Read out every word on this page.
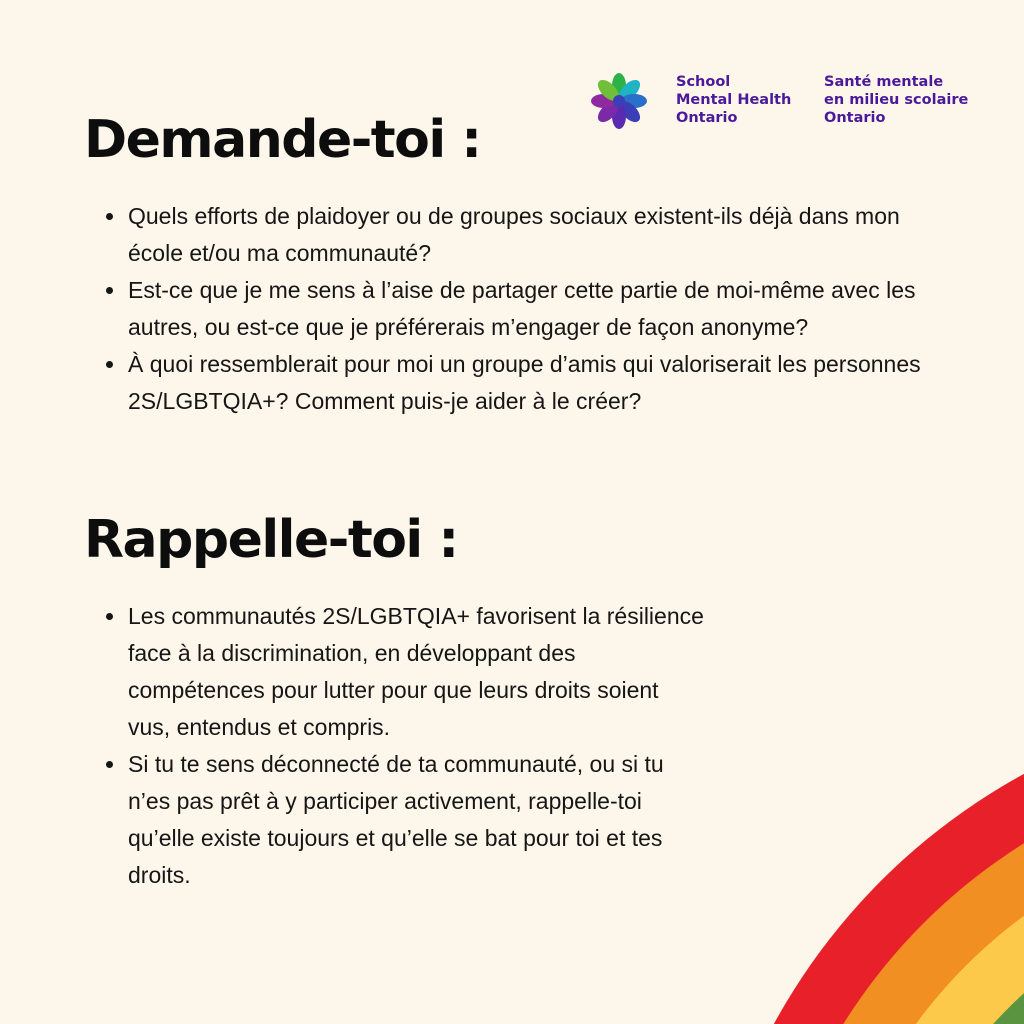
School
Mental Health
Ontario

Santé mentale
en milieu scolaire
Ontario

Demande-toi :
Quels efforts de plaidoyer ou de groupes sociaux existent-ils déjà dans mon école et/ou ma communauté?
Est-ce que je me sens à l’aise de partager cette partie de moi-même avec les autres, ou est-ce que je préférerais m’engager de façon anonyme?
À quoi ressemblerait pour moi un groupe d’amis qui valoriserait les personnes 2S/LGBTQIA+? Comment puis-je aider à le créer?
Rappelle-toi :
Les communautés 2S/LGBTQIA+ favorisent la résilience face à la discrimination, en développant des compétences pour lutter pour que leurs droits soient vus, entendus et compris.
Si tu te sens déconnecté de ta communauté, ou si tu n’es pas prêt à y participer activement, rappelle-toi qu’elle existe toujours et qu’elle se bat pour toi et tes droits.
